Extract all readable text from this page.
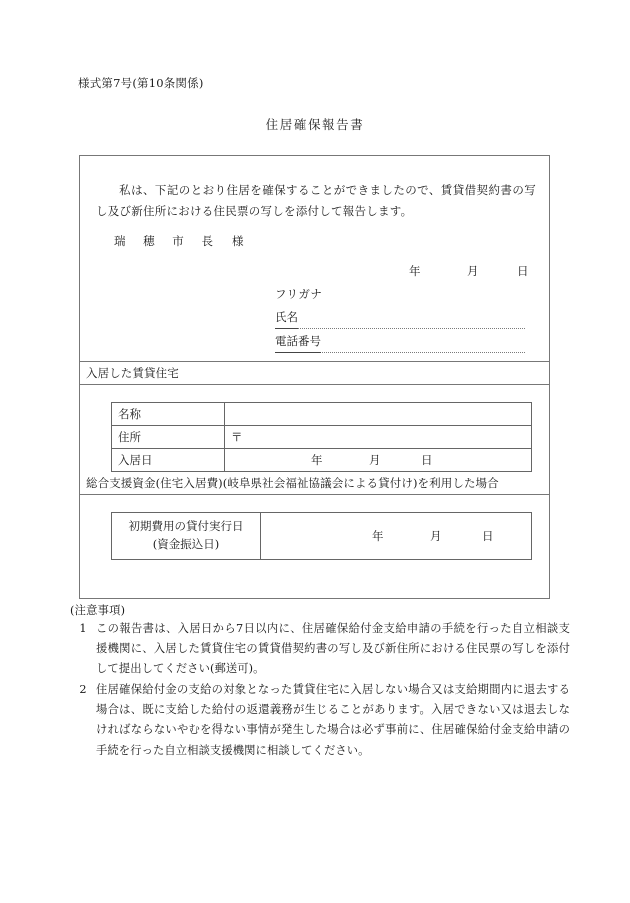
様式第7号(第10条関係)
住居確保報告書
私は、下記のとおり住居を確保することができましたので、賃貸借契約書の写し及び新住所における住民票の写しを添付して報告します。
瑞 穂 市 長 様
年	月	日
フリガナ
氏名
電話番号
入居した賃貸住宅
名称	
住所	〒
入居日	年 月 日
総合支援資金(住宅入居費)(岐阜県社会福祉協議会による貸付け)を利用した場合
初期費用の貸付実行日
(資金振込日)
	年	月	日
(注意事項)
1 この報告書は、入居日から7日以内に、住居確保給付金支給申請の手続を行った自立相談支援機関に、入居した賃貸住宅の賃貸借契約書の写し及び新住所における住民票の写しを添付して提出してください(郵送可)。
2 住居確保給付金の支給の対象となった賃貸住宅に入居しない場合又は支給期間内に退去する場合は、既に支給した給付の返還義務が生じることがあります。入居できない又は退去しなければならないやむを得ない事情が発生した場合は必ず事前に、住居確保給付金支給申請の手続を行った自立相談支援機関に相談してください。
